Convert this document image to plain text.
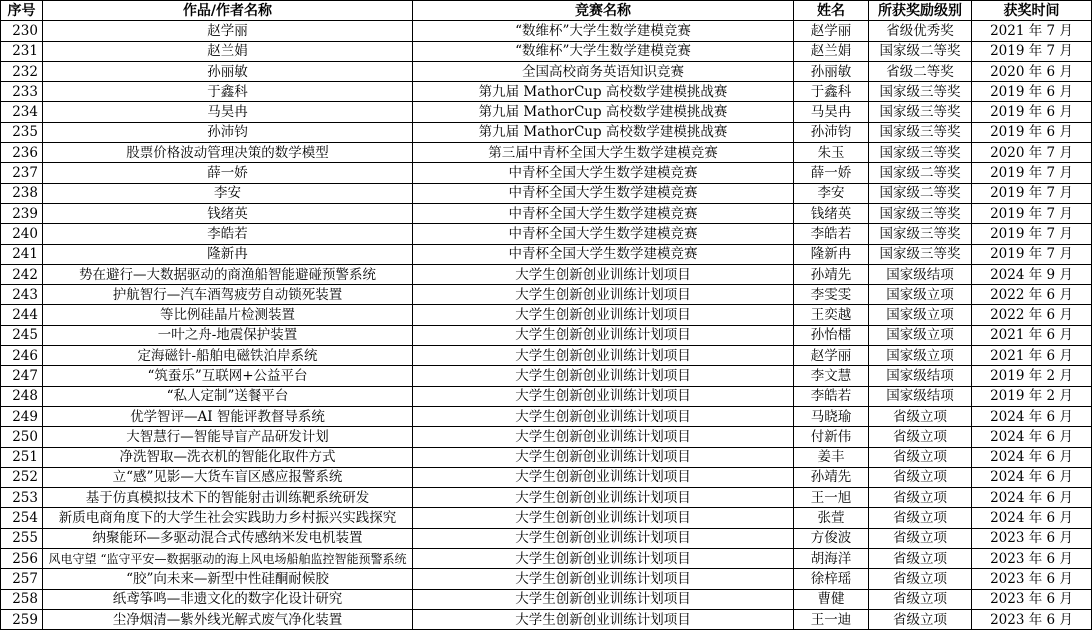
序号	作品/作者名称	竞赛名称	姓名	所获奖励级别	获奖时间
230	赵学丽	“数维杯”大学生数学建模竞赛	赵学丽	省级优秀奖	2021 年 7 月
231	赵兰娟	“数维杯”大学生数学建模竞赛	赵兰娟	国家级二等奖	2019 年 7 月
232	孙丽敏	全国高校商务英语知识竞赛	孙丽敏	省级二等奖	2020 年 6 月
233	于鑫科	第九届 MathorCup 高校数学建模挑战赛	于鑫科	国家级三等奖	2019 年 6 月
234	马昊冉	第九届 MathorCup 高校数学建模挑战赛	马昊冉	国家级三等奖	2019 年 6 月
235	孙沛钧	第九届 MathorCup 高校数学建模挑战赛	孙沛钧	国家级三等奖	2019 年 6 月
236	股票价格波动管理决策的数学模型	第三届中青杯全国大学生数学建模竞赛	朱玉	国家级三等奖	2020 年 7 月
237	薛一娇	中青杯全国大学生数学建模竞赛	薛一娇	国家级二等奖	2019 年 7 月
238	李安	中青杯全国大学生数学建模竞赛	李安	国家级二等奖	2019 年 7 月
239	钱绪英	中青杯全国大学生数学建模竞赛	钱绪英	国家级三等奖	2019 年 7 月
240	李皓若	中青杯全国大学生数学建模竞赛	李皓若	国家级三等奖	2019 年 7 月
241	隆新冉	中青杯全国大学生数学建模竞赛	隆新冉	国家级三等奖	2019 年 7 月
242	势在避行—大数据驱动的商渔船智能避碰预警系统	大学生创新创业训练计划项目	孙靖先	国家级结项	2024 年 9 月
243	护航智行—汽车酒驾疲劳自动锁死装置	大学生创新创业训练计划项目	李雯雯	国家级立项	2022 年 6 月
244	等比例硅晶片检测装置	大学生创新创业训练计划项目	王奕越	国家级立项	2022 年 6 月
245	一叶之舟-地震保护装置	大学生创新创业训练计划项目	孙怡檑	国家级立项	2021 年 6 月
246	定海磁针-船舶电磁铁泊岸系统	大学生创新创业训练计划项目	赵学丽	国家级立项	2021 年 6 月
247	“筑蚕乐”互联网+公益平台	大学生创新创业训练计划项目	李文慧	国家级结项	2019 年 2 月
248	“私人定制”送餐平台	大学生创新创业训练计划项目	李皓若	国家级结项	2019 年 2 月
249	优学智评—AI 智能评教督导系统	大学生创新创业训练计划项目	马晓瑜	省级立项	2024 年 6 月
250	大智慧行—智能导盲产品研发计划	大学生创新创业训练计划项目	付新伟	省级立项	2024 年 6 月
251	净洗智取—洗衣机的智能化取件方式	大学生创新创业训练计划项目	姜丰	省级立项	2024 年 6 月
252	立“感”见影—大货车盲区感应报警系统	大学生创新创业训练计划项目	孙靖先	省级立项	2024 年 6 月
253	基于仿真模拟技术下的智能射击训练靶系统研发	大学生创新创业训练计划项目	王一旭	省级立项	2024 年 6 月
254	新质电商角度下的大学生社会实践助力乡村振兴实践探究	大学生创新创业训练计划项目	张萱	省级立项	2024 年 6 月
255	纳聚能环—多驱动混合式传感纳米发电机装置	大学生创新创业训练计划项目	方俊波	省级立项	2023 年 6 月
256	风电守望 “监守平安—数据驱动的海上风电场船舶监控智能预警系统	大学生创新创业训练计划项目	胡海洋	省级立项	2023 年 6 月
257	“胶”向未来—新型中性硅酮耐候胶	大学生创新创业训练计划项目	徐梓瑶	省级立项	2023 年 6 月
258	纸鸢筝鸣—非遗文化的数字化设计研究	大学生创新创业训练计划项目	曹健	省级立项	2023 年 6 月
259	尘净烟清—紫外线光解式废气净化装置	大学生创新创业训练计划项目	王一迪	省级立项	2023 年 6 月
